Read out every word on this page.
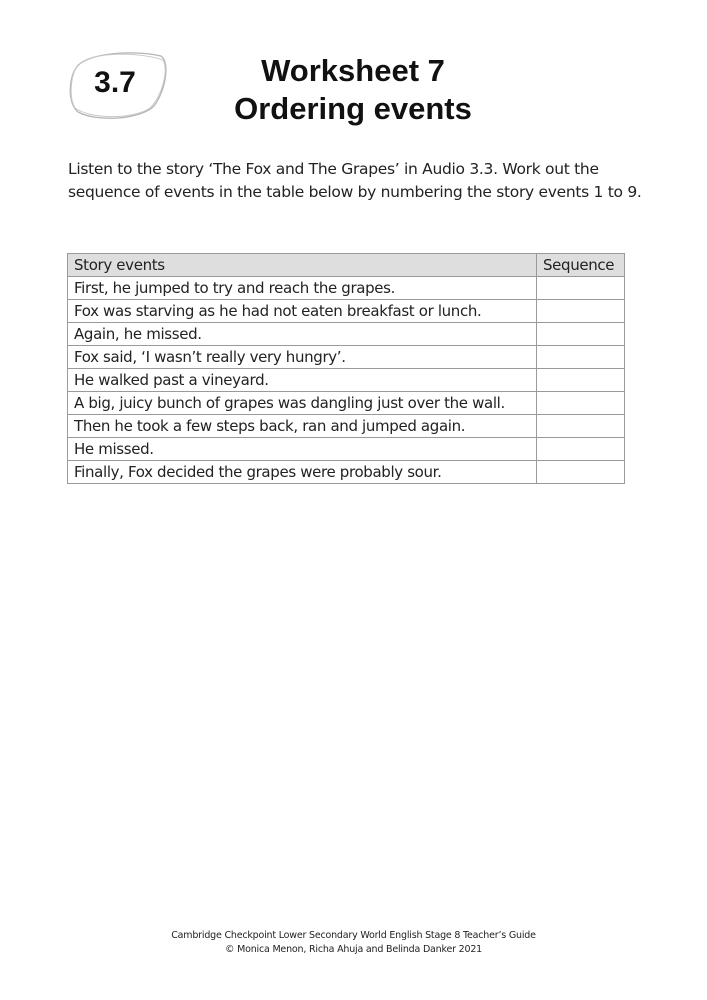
3.7	Worksheet 7
Ordering events
Listen to the story ‘The Fox and The Grapes’ in Audio 3.3. Work out the sequence of events in the table below by numbering the story events 1 to 9.
Story events	Sequence
First, he jumped to try and reach the grapes.	
Fox was starving as he had not eaten breakfast or lunch.	
Again, he missed.	
Fox said, ‘I wasn’t really very hungry’.	
He walked past a vineyard.	
A big, juicy bunch of grapes was dangling just over the wall.	
Then he took a few steps back, ran and jumped again.	
He missed.	
Finally, Fox decided the grapes were probably sour.	
Cambridge Checkpoint Lower Secondary World English Stage 8 Teacher’s Guide
© Monica Menon, Richa Ahuja and Belinda Danker 2021
